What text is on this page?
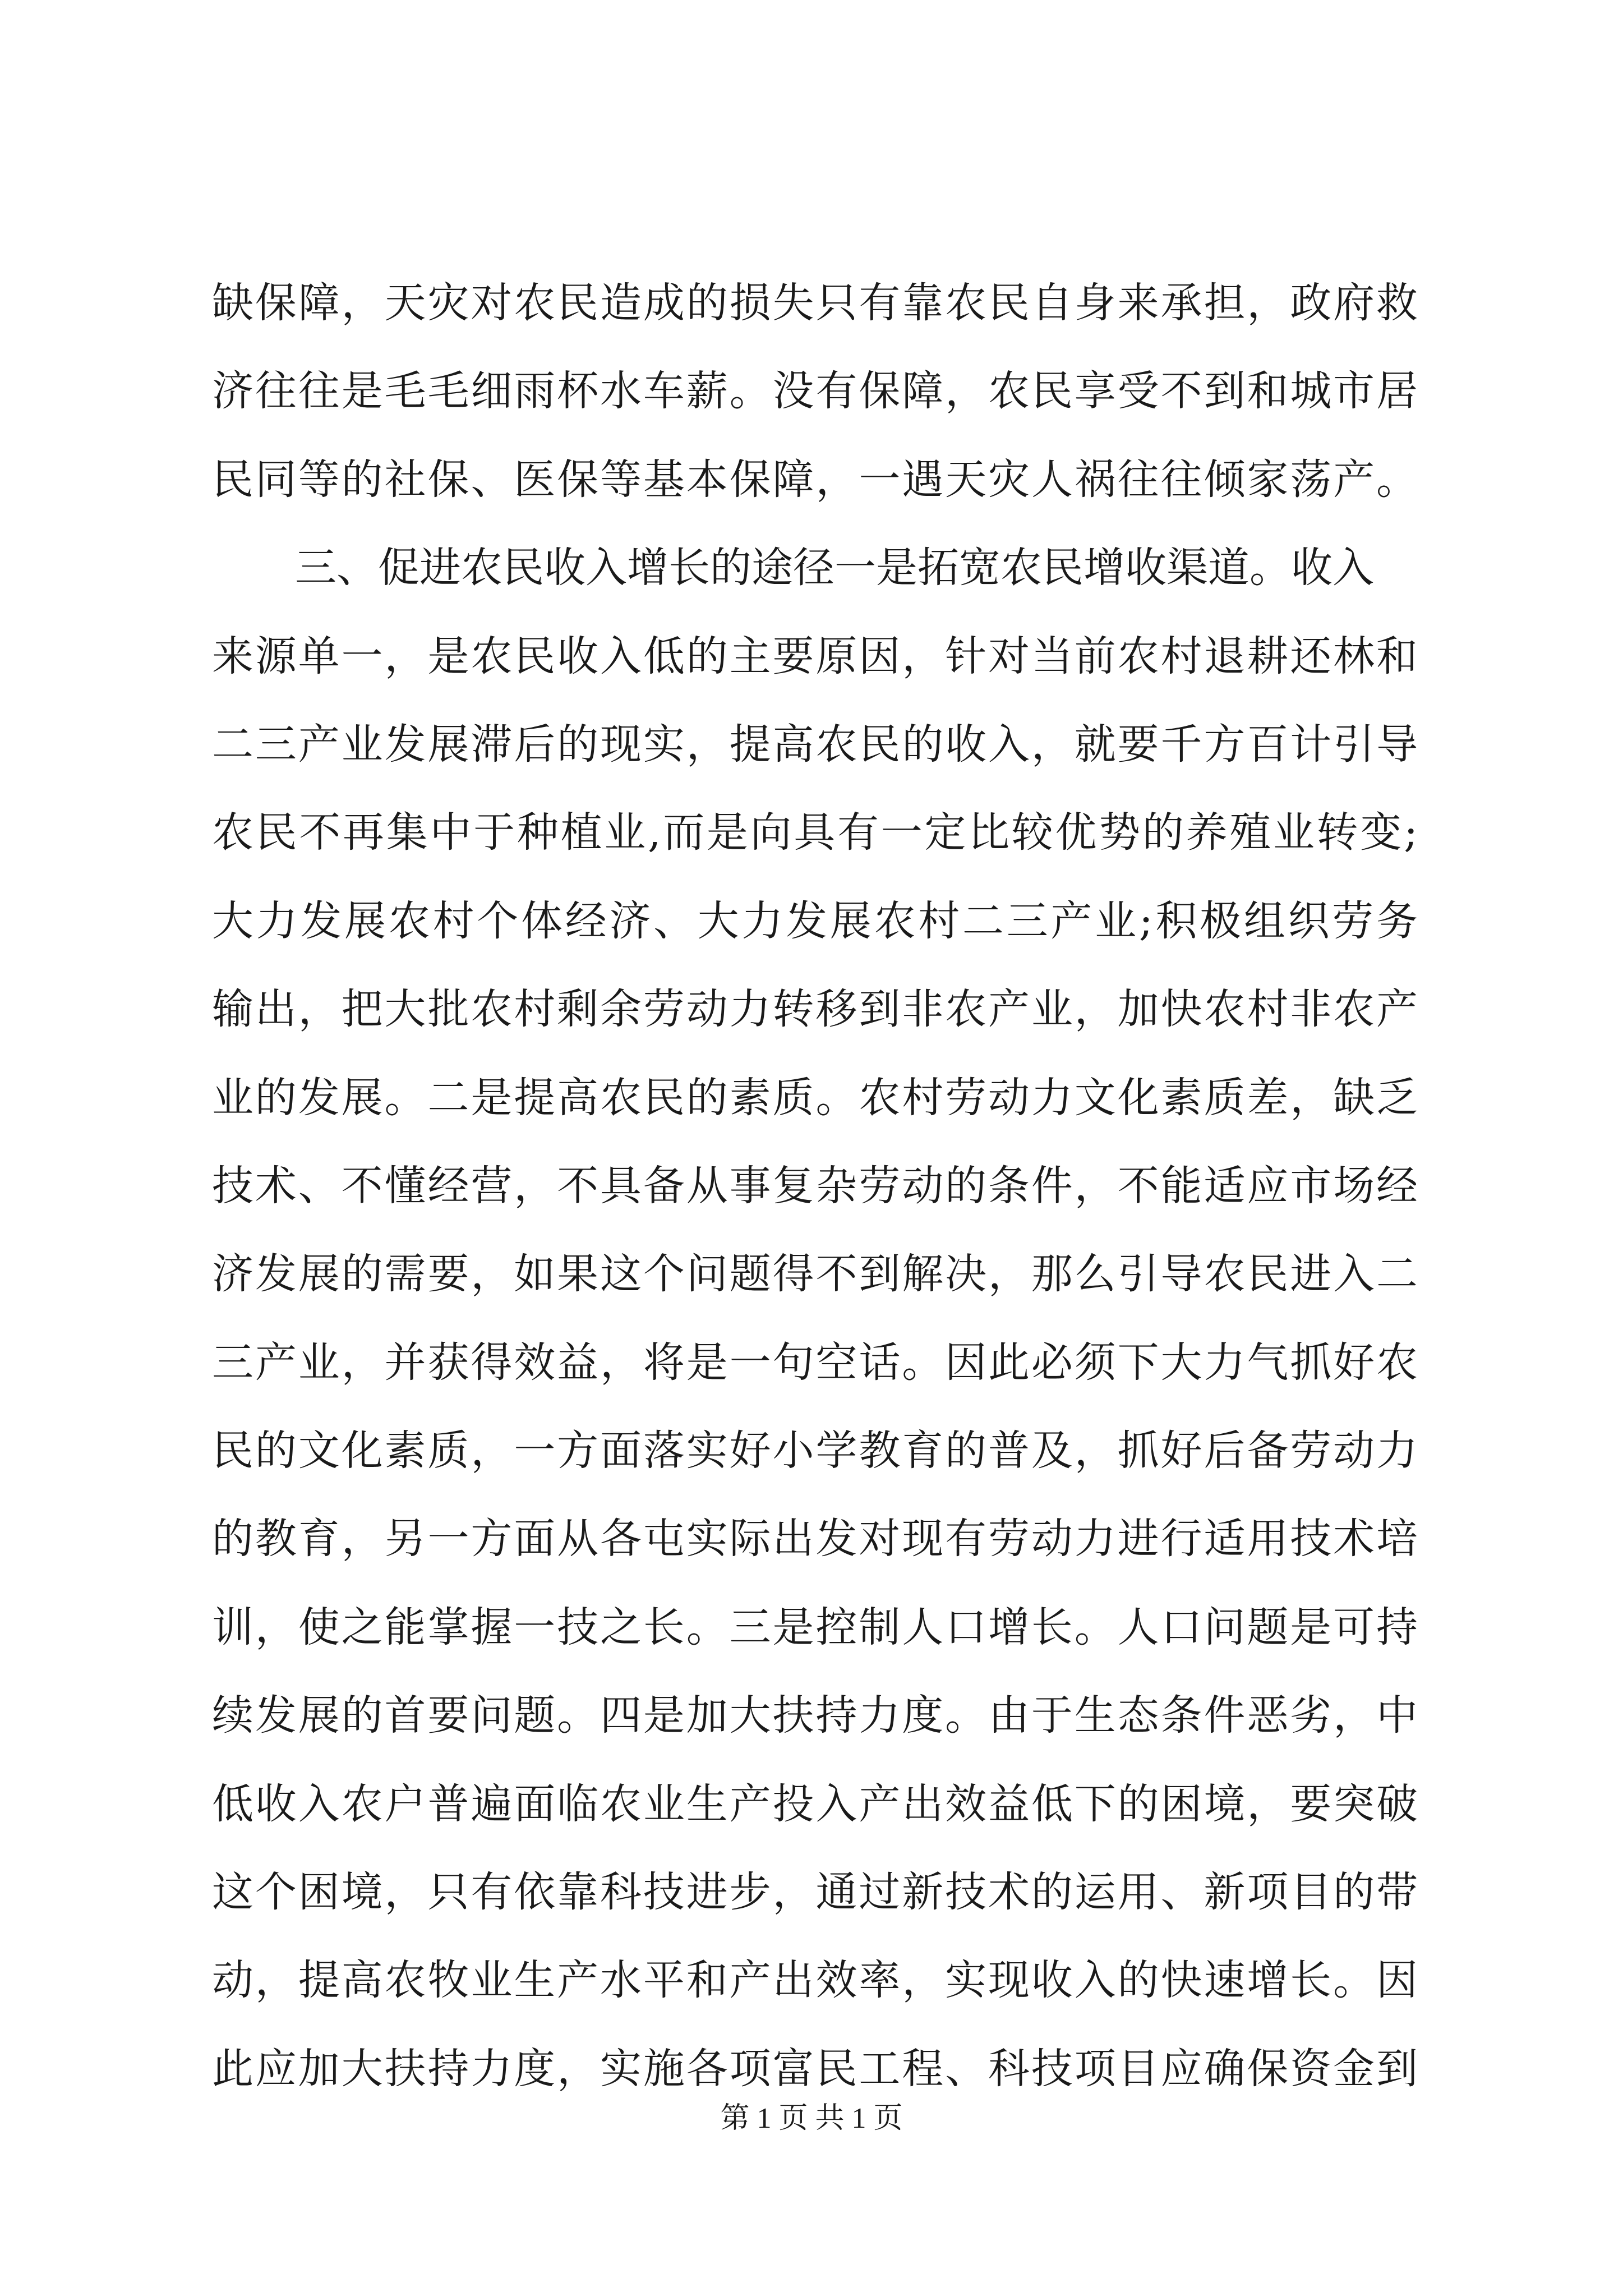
缺保障，天灾对农民造成的损失只有靠农民自身来承担，政府救
济往往是毛毛细雨杯水车薪。没有保障，农民享受不到和城市居
民同等的社保、医保等基本保障，一遇天灾人祸往往倾家荡产。
　　三、促进农民收入增长的途径一是拓宽农民增收渠道。收入
来源单一，是农民收入低的主要原因，针对当前农村退耕还林和
二三产业发展滞后的现实，提高农民的收入，就要千方百计引导
农民不再集中于种植业,而是向具有一定比较优势的养殖业转变;
大力发展农村个体经济、大力发展农村二三产业;积极组织劳务
输出，把大批农村剩余劳动力转移到非农产业，加快农村非农产
业的发展。二是提高农民的素质。农村劳动力文化素质差，缺乏
技术、不懂经营，不具备从事复杂劳动的条件，不能适应市场经
济发展的需要，如果这个问题得不到解决，那么引导农民进入二
三产业，并获得效益，将是一句空话。因此必须下大力气抓好农
民的文化素质，一方面落实好小学教育的普及，抓好后备劳动力
的教育，另一方面从各屯实际出发对现有劳动力进行适用技术培
训，使之能掌握一技之长。三是控制人口增长。人口问题是可持
续发展的首要问题。四是加大扶持力度。由于生态条件恶劣，中
低收入农户普遍面临农业生产投入产出效益低下的困境，要突破
这个困境，只有依靠科技进步，通过新技术的运用、新项目的带
动，提高农牧业生产水平和产出效率，实现收入的快速增长。因
此应加大扶持力度，实施各项富民工程、科技项目应确保资金到
第 1 页 共 1 页
